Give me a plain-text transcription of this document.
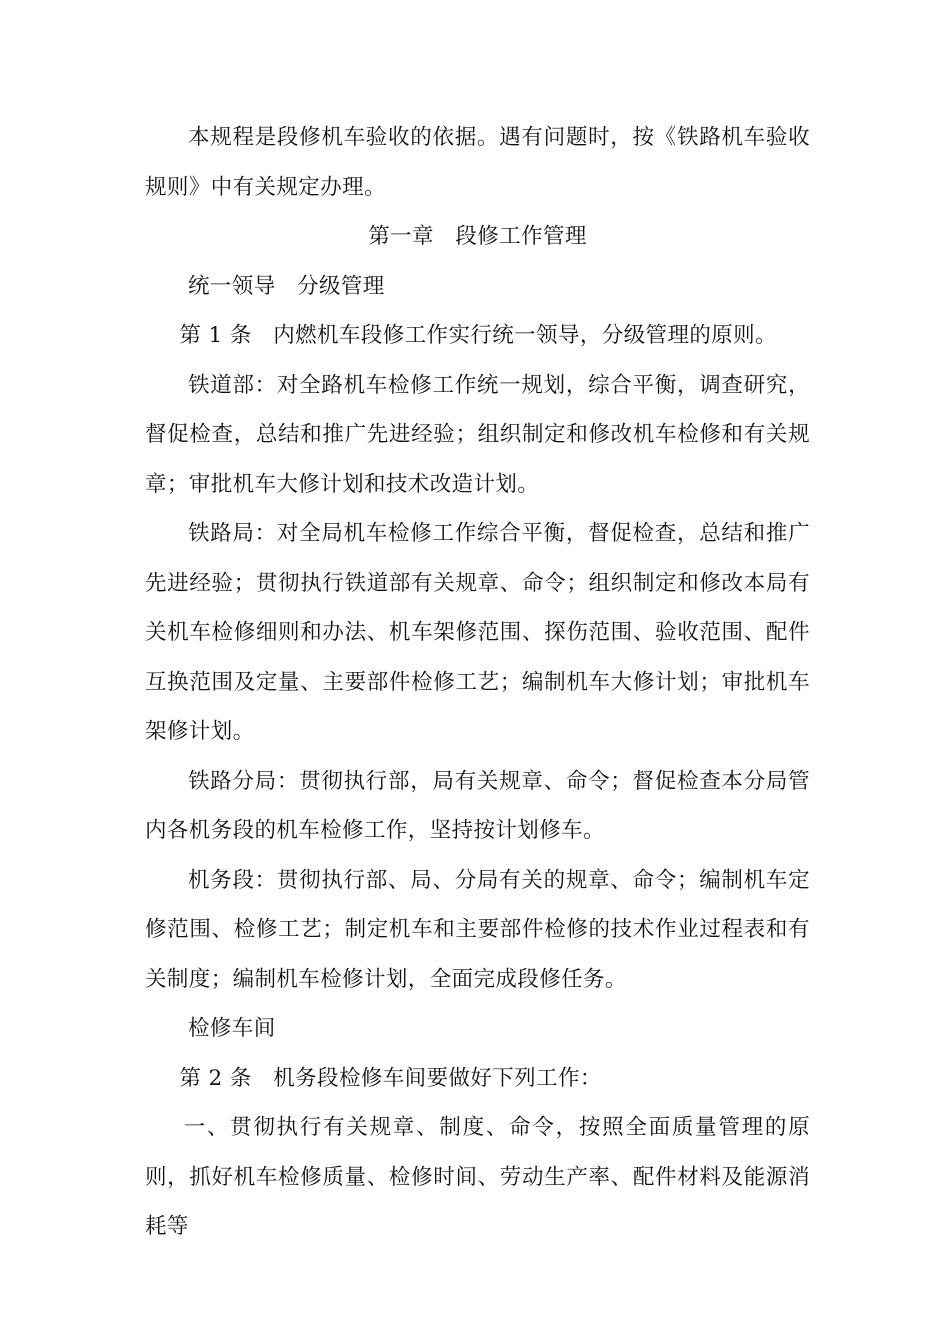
本规程是段修机车验收的依据。遇有问题时，按《铁路机车验收规则》中有关规定办理。

第一章 段修工作管理

统一领导 分级管理

第 1 条 内燃机车段修工作实行统一领导，分级管理的原则。

铁道部：对全路机车检修工作统一规划，综合平衡，调查研究，督促检查，总结和推广先进经验；组织制定和修改机车检修和有关规章；审批机车大修计划和技术改造计划。

铁路局：对全局机车检修工作综合平衡，督促检查，总结和推广先进经验；贯彻执行铁道部有关规章、命令；组织制定和修改本局有关机车检修细则和办法、机车架修范围、探伤范围、验收范围、配件互换范围及定量、主要部件检修工艺；编制机车大修计划；审批机车架修计划。

铁路分局：贯彻执行部，局有关规章、命令；督促检查本分局管内各机务段的机车检修工作，坚持按计划修车。

机务段：贯彻执行部、局、分局有关的规章、命令；编制机车定修范围、检修工艺；制定机车和主要部件检修的技术作业过程表和有关制度；编制机车检修计划，全面完成段修任务。

检修车间

第 2 条 机务段检修车间要做好下列工作：

一、贯彻执行有关规章、制度、命令，按照全面质量管理的原则，抓好机车检修质量、检修时间、劳动生产率、配件材料及能源消耗等
